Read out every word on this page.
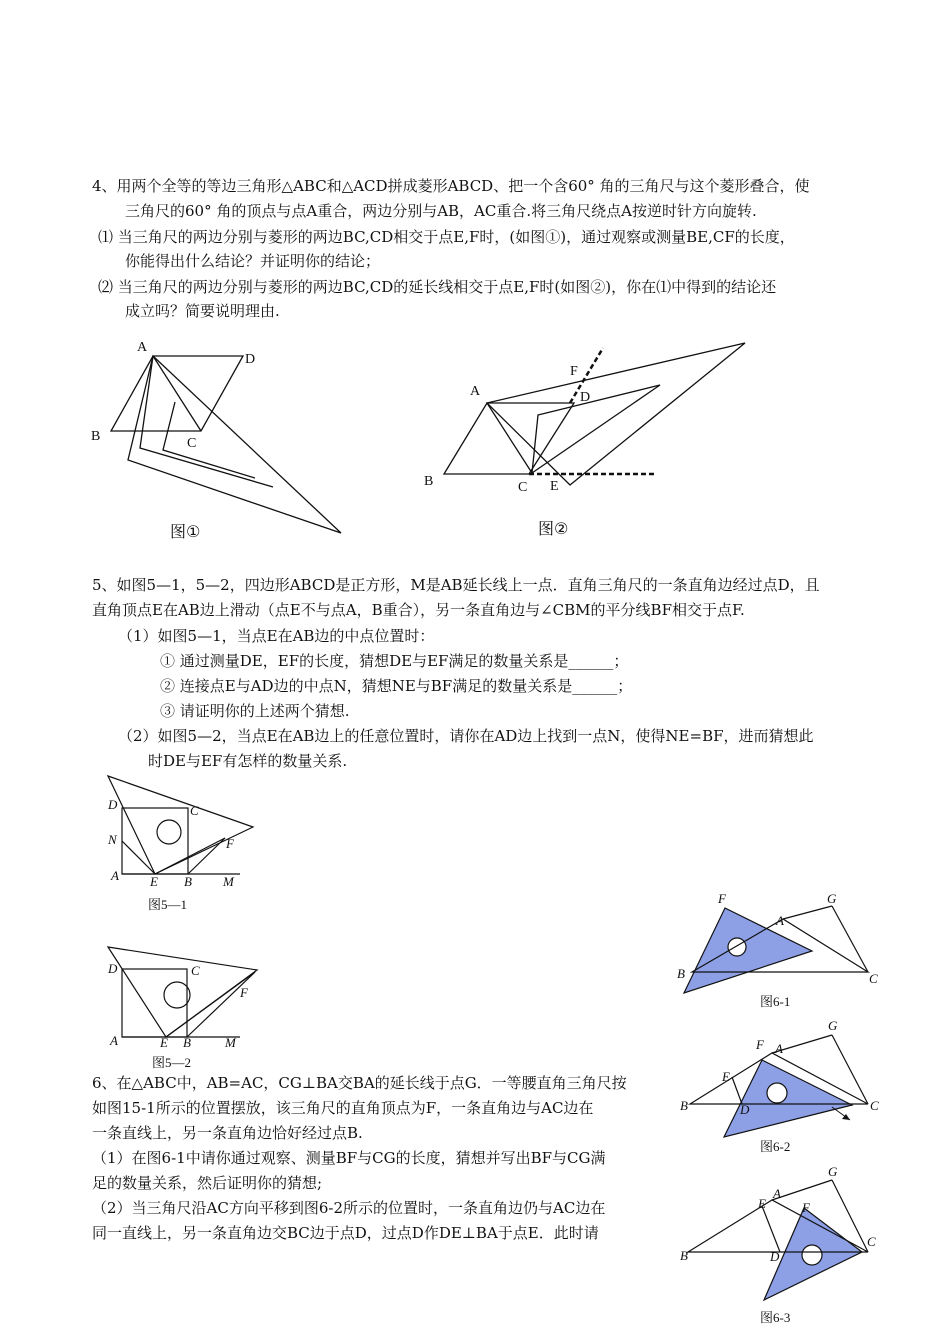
4、用两个全等的等边三角形△ABC和△ACD拼成菱形ABCD、把一个含60° 角的三角尺与这个菱形叠合，使
三角尺的60° 角的顶点与点A重合，两边分别与AB，AC重合.将三角尺绕点A按逆时针方向旋转.
⑴ 当三角尺的两边分别与菱形的两边BC,CD相交于点E,F时，(如图①)，通过观察或测量BE,CF的长度，
你能得出什么结论？并证明你的结论；
⑵ 当三角尺的两边分别与菱形的两边BC,CD的延长线相交于点E,F时(如图②)，你在⑴中得到的结论还
成立吗？简要说明理由.
A
D
B	C
图①
A
F
D
B	C E
图②
5、如图5—1，5—2，四边形ABCD是正方形，M是AB延长线上一点．直角三角尺的一条直角边经过点D，且
直角顶点E在AB边上滑动（点E不与点A，B重合），另一条直角边与∠CBM的平分线BF相交于点F.
（1）如图5—1，当点E在AB边的中点位置时：
① 通过测量DE，EF的长度，猜想DE与EF满足的数量关系是______；
② 连接点E与AD边的中点N，猜想NE与BF满足的数量关系是______；
③ 请证明你的上述两个猜想.
（2）如图5—2，当点E在AB边上的任意位置时，请你在AD边上找到一点N，使得NE=BF，进而猜想此
时DE与EF有怎样的数量关系.
D	C
N	F
A E B M
图5—1
D	C
F
A	E B	M
图5—2
6、在△ABC中，AB=AC，CG⊥BA交BA的延长线于点G．一等腰直角三角尺按
如图15-1所示的位置摆放，该三角尺的直角顶点为F，一条直角边与AC边在
一条直线上，另一条直角边恰好经过点B.
（1）在图6-1中请你通过观察、测量BF与CG的长度，猜想并写出BF与CG满
足的数量关系，然后证明你的猜想;
（2）当三角尺沿AC方向平移到图6-2所示的位置时，一条直角边仍与AC边在
同一直线上，另一条直角边交BC边于点D，过点D作DE⊥BA于点E．此时请
F	G
A
B	C
图6-1
G
F A
E
B	D	C
图6-2
G
E
A
F
B	D
C
图6-3
